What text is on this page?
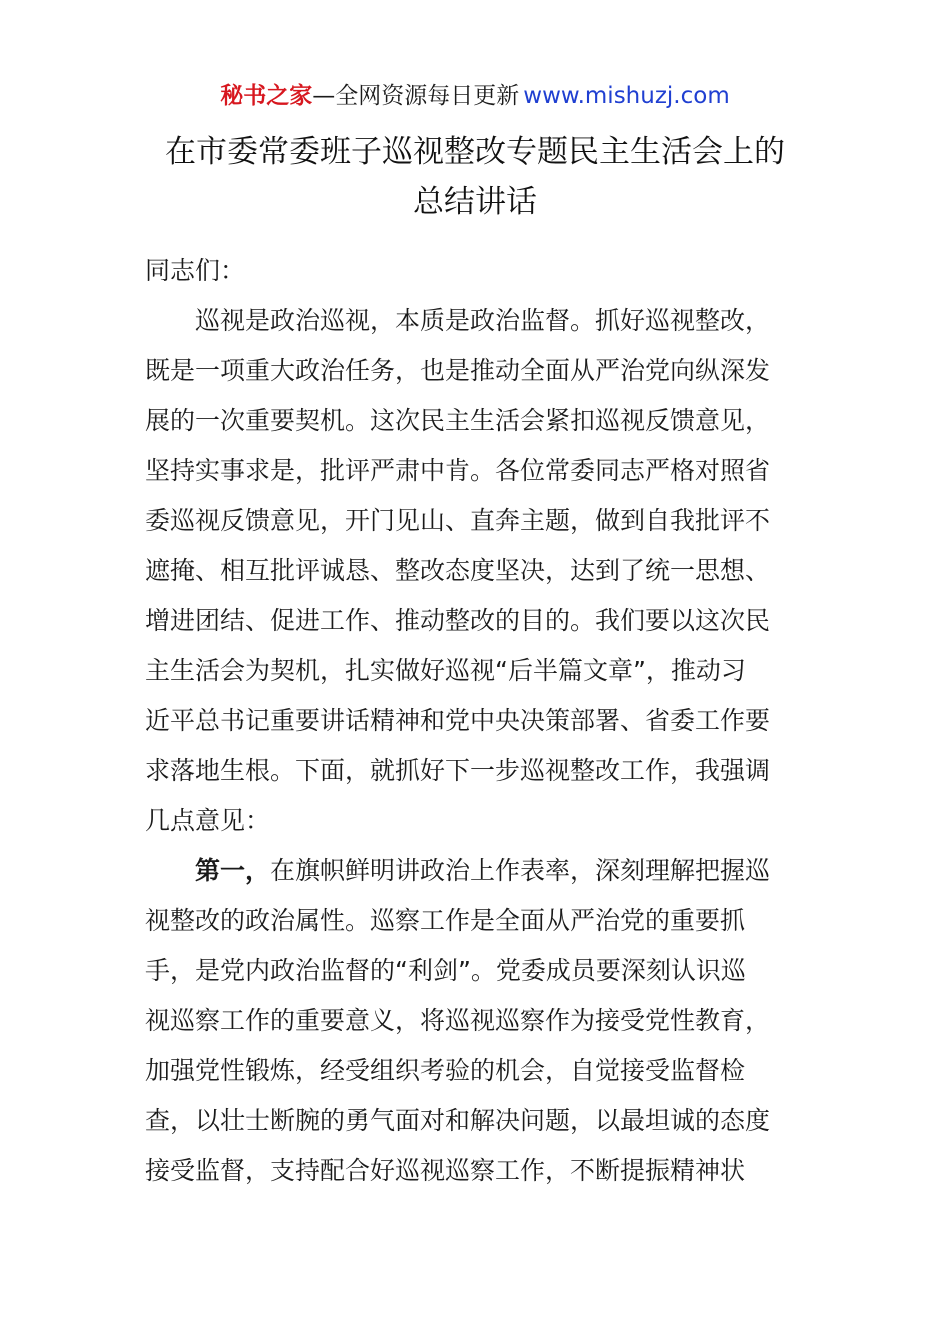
秘书之家—全网资源每日更新 www.mishuzj.com
在市委常委班子巡视整改专题民主生活会上的
总结讲话
同志们：
巡视是政治巡视，本质是政治监督。抓好巡视整改，
既是一项重大政治任务，也是推动全面从严治党向纵深发
展的一次重要契机。这次民主生活会紧扣巡视反馈意见，
坚持实事求是，批评严肃中肯。各位常委同志严格对照省
委巡视反馈意见，开门见山、直奔主题，做到自我批评不
遮掩、相互批评诚恳、整改态度坚决，达到了统一思想、
增进团结、促进工作、推动整改的目的。我们要以这次民
主生活会为契机，扎实做好巡视“后半篇文章”，推动习
近平总书记重要讲话精神和党中央决策部署、省委工作要
求落地生根。下面，就抓好下一步巡视整改工作，我强调
几点意见：
第一，在旗帜鲜明讲政治上作表率，深刻理解把握巡
视整改的政治属性。巡察工作是全面从严治党的重要抓
手，是党内政治监督的“利剑”。党委成员要深刻认识巡
视巡察工作的重要意义，将巡视巡察作为接受党性教育，
加强党性锻炼，经受组织考验的机会，自觉接受监督检
查，以壮士断腕的勇气面对和解决问题，以最坦诚的态度
接受监督，支持配合好巡视巡察工作，不断提振精神状
